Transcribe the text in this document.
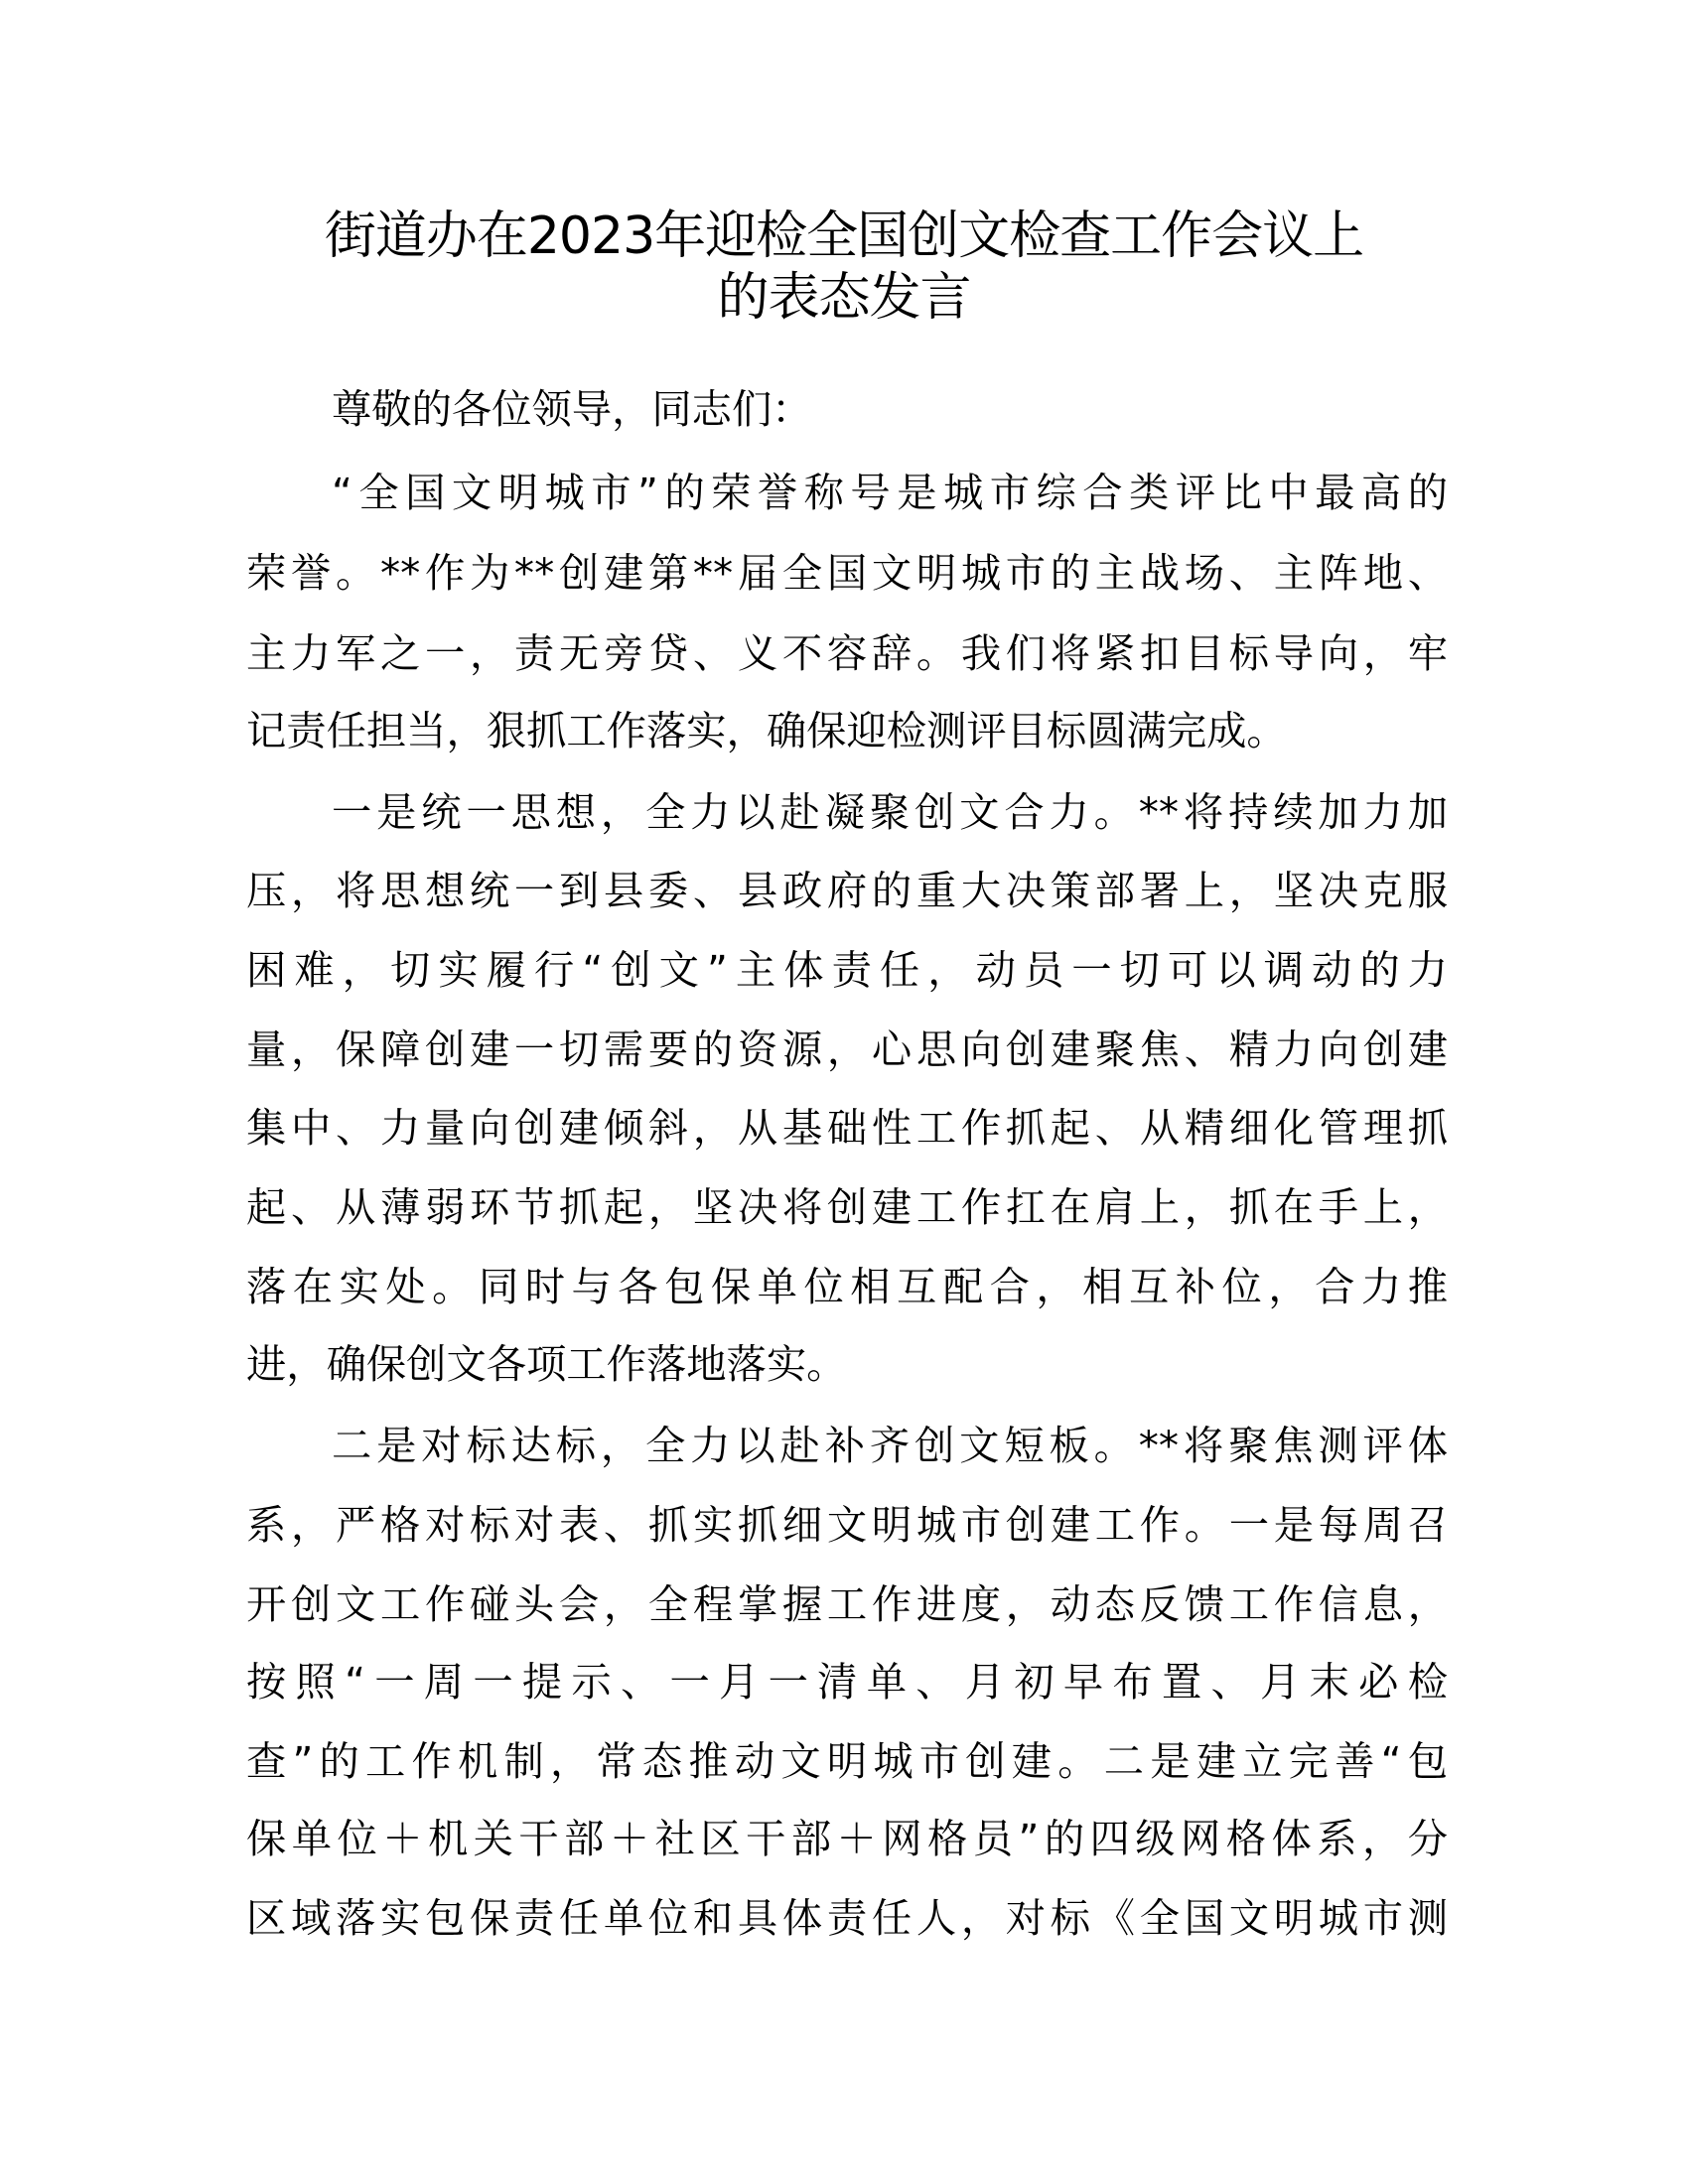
街道办在2023年迎检全国创文检查工作会议上
的表态发言
尊敬的各位领导，同志们：
“全国文明城市”的荣誉称号是城市综合类评比中最高的
荣誉。**作为**创建第**届全国文明城市的主战场、主阵地、
主力军之一，责无旁贷、义不容辞。我们将紧扣目标导向，牢
记责任担当，狠抓工作落实，确保迎检测评目标圆满完成。
一是统一思想，全力以赴凝聚创文合力。**将持续加力加
压，将思想统一到县委、县政府的重大决策部署上，坚决克服
困难，切实履行“创文”主体责任，动员一切可以调动的力
量，保障创建一切需要的资源，心思向创建聚焦、精力向创建
集中、力量向创建倾斜，从基础性工作抓起、从精细化管理抓
起、从薄弱环节抓起，坚决将创建工作扛在肩上，抓在手上，
落在实处。同时与各包保单位相互配合，相互补位，合力推
进，确保创文各项工作落地落实。
二是对标达标，全力以赴补齐创文短板。**将聚焦测评体
系，严格对标对表、抓实抓细文明城市创建工作。一是每周召
开创文工作碰头会，全程掌握工作进度，动态反馈工作信息，
按照“一周一提示、一月一清单、月初早布置、月末必检
查”的工作机制，常态推动文明城市创建。二是建立完善“包
保单位＋机关干部＋社区干部＋网格员”的四级网格体系，分
区域落实包保责任单位和具体责任人，对标《全国文明城市测
